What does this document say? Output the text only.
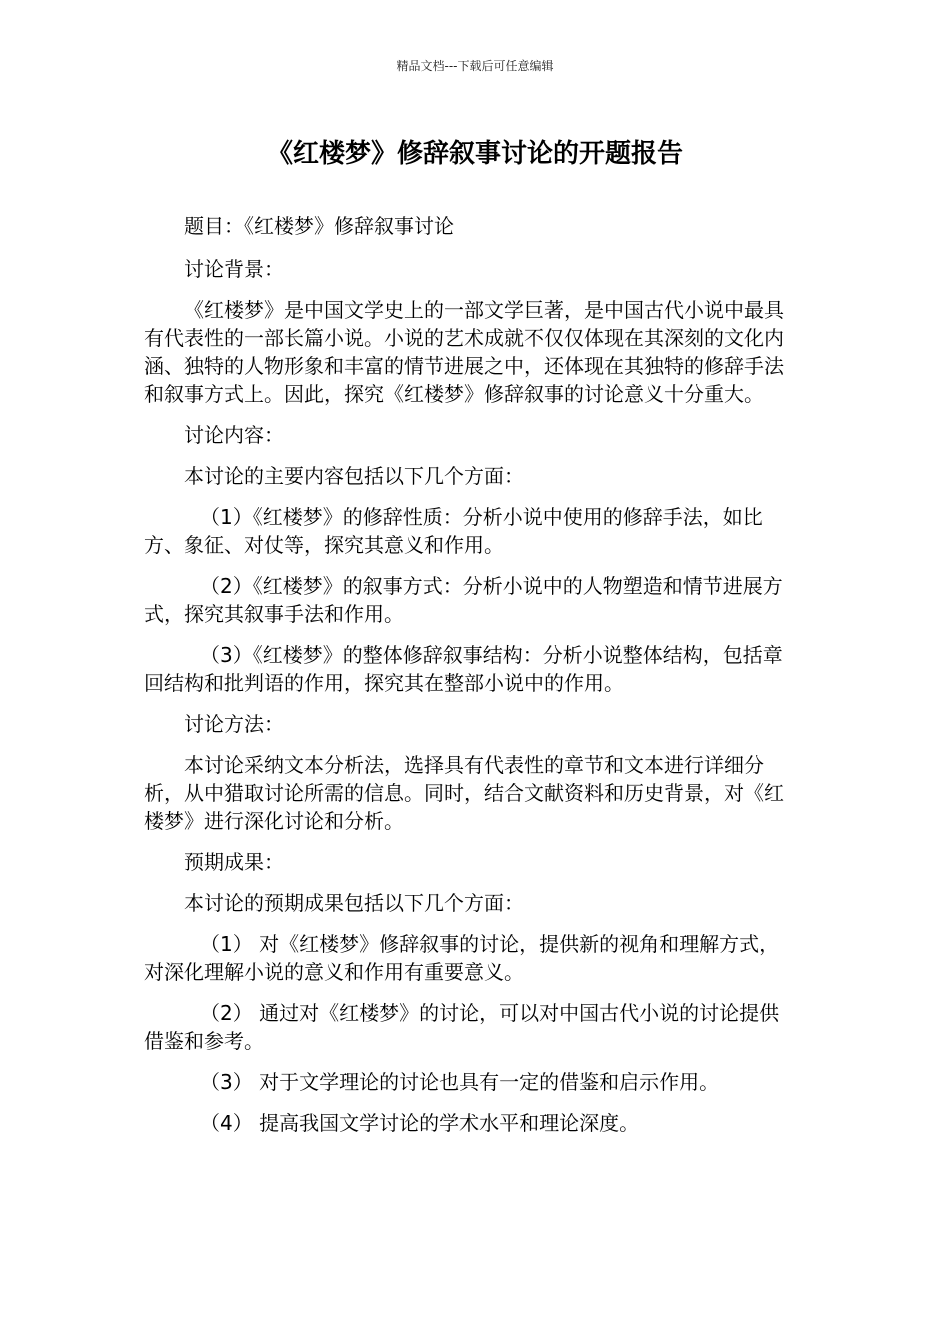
精品文档---下载后可任意编辑
《红楼梦》修辞叙事讨论的开题报告

题目：《红楼梦》修辞叙事讨论

讨论背景：

《红楼梦》是中国文学史上的一部文学巨著，是中国古代小说中最具有代表性的一部长篇小说。小说的艺术成就不仅仅体现在其深刻的文化内涵、独特的人物形象和丰富的情节进展之中，还体现在其独特的修辞手法和叙事方式上。因此，探究《红楼梦》修辞叙事的讨论意义十分重大。

讨论内容：

本讨论的主要内容包括以下几个方面：

（1）《红楼梦》的修辞性质：分析小说中使用的修辞手法，如比方、象征、对仗等，探究其意义和作用。

（2）《红楼梦》的叙事方式：分析小说中的人物塑造和情节进展方式，探究其叙事手法和作用。

（3）《红楼梦》的整体修辞叙事结构：分析小说整体结构，包括章回结构和批判语的作用，探究其在整部小说中的作用。

讨论方法：

本讨论采纳文本分析法，选择具有代表性的章节和文本进行详细分析，从中猎取讨论所需的信息。同时，结合文献资料和历史背景，对《红楼梦》进行深化讨论和分析。

预期成果：

本讨论的预期成果包括以下几个方面：

（1） 对《红楼梦》修辞叙事的讨论，提供新的视角和理解方式，对深化理解小说的意义和作用有重要意义。

（2） 通过对《红楼梦》的讨论，可以对中国古代小说的讨论提供借鉴和参考。

（3） 对于文学理论的讨论也具有一定的借鉴和启示作用。

（4） 提高我国文学讨论的学术水平和理论深度。
